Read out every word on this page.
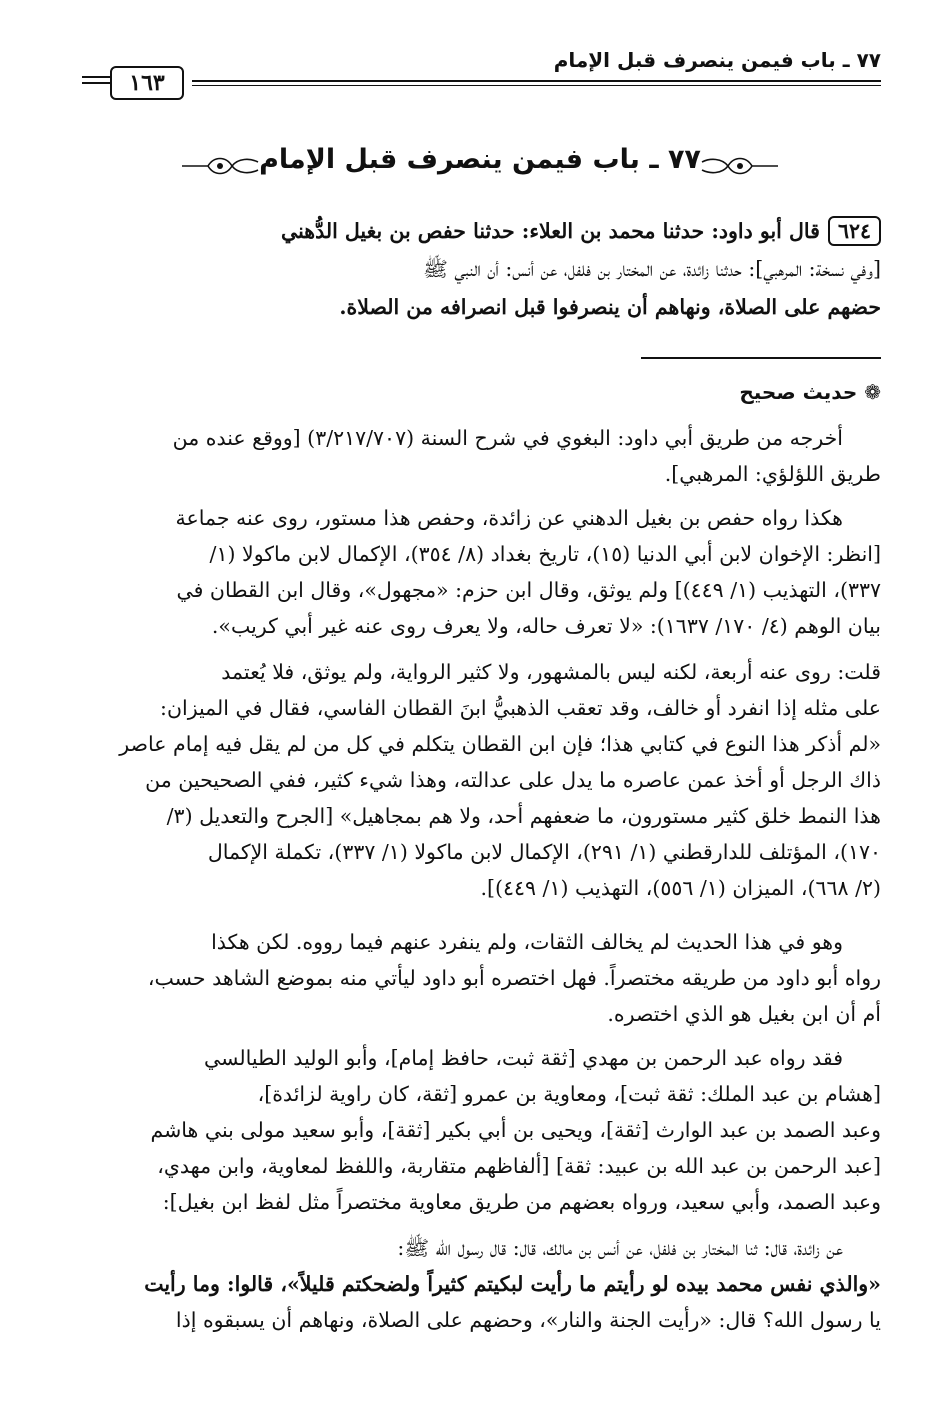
٧٧ ـ باب فيمن ينصرف قبل الإمام
١٦٣
٧٧ ـ باب فيمن ينصرف قبل الإمام
٦٢٤قال أبو داود: حدثنا محمد بن العلاء: حدثنا حفص بن بغيل الدُّهني
[وفي نسخة: المرهبي]: حدثنا زائدة، عن المختار بن فلفل، عن أنس: أن النبي ﷺ
حضهم على الصلاة، ونهاهم أن ينصرفوا قبل انصرافه من الصلاة.
❁ حديث صحيح
أخرجه من طريق أبي داود: البغوي في شرح السنة (٣/٢١٧/٧٠٧) [ووقع عنده من
طريق اللؤلؤي: المرهبي].
هكذا رواه حفص بن بغيل الدهني عن زائدة، وحفص هذا مستور، روى عنه جماعة
[انظر: الإخوان لابن أبي الدنيا (١٥)، تاريخ بغداد (٨/ ٣٥٤)، الإكمال لابن ماكولا (١/
٣٣٧)، التهذيب (١/ ٤٤٩)] ولم يوثق، وقال ابن حزم: «مجهول»، وقال ابن القطان في
بيان الوهم (٤/ ١٧٠/ ١٦٣٧): «لا تعرف حاله، ولا يعرف روى عنه غير أبي كريب».
قلت: روى عنه أربعة، لكنه ليس بالمشهور، ولا كثير الرواية، ولم يوثق، فلا يُعتمد
على مثله إذا انفرد أو خالف، وقد تعقب الذهبيُّ ابنَ القطان الفاسي، فقال في الميزان:
«لم أذكر هذا النوع في كتابي هذا؛ فإن ابن القطان يتكلم في كل من لم يقل فيه إمام عاصر
ذاك الرجل أو أخذ عمن عاصره ما يدل على عدالته، وهذا شيء كثير، ففي الصحيحين من
هذا النمط خلق كثير مستورون، ما ضعفهم أحد، ولا هم بمجاهيل» [الجرح والتعديل (٣/
١٧٠)، المؤتلف للدارقطني (١/ ٢٩١)، الإكمال لابن ماكولا (١/ ٣٣٧)، تكملة الإكمال
(٢/ ٦٦٨)، الميزان (١/ ٥٥٦)، التهذيب (١/ ٤٤٩)].
وهو في هذا الحديث لم يخالف الثقات، ولم ينفرد عنهم فيما رووه. لكن هكذا
رواه أبو داود من طريقه مختصراً. فهل اختصره أبو داود ليأتي منه بموضع الشاهد حسب،
أم أن ابن بغيل هو الذي اختصره.
فقد رواه عبد الرحمن بن مهدي [ثقة ثبت، حافظ إمام]، وأبو الوليد الطيالسي
[هشام بن عبد الملك: ثقة ثبت]، ومعاوية بن عمرو [ثقة، كان راوية لزائدة]،
وعبد الصمد بن عبد الوارث [ثقة]، ويحيى بن أبي بكير [ثقة]، وأبو سعيد مولى بني هاشم
[عبد الرحمن بن عبد الله بن عبيد: ثقة] [ألفاظهم متقاربة، واللفظ لمعاوية، وابن مهدي،
وعبد الصمد، وأبي سعيد، ورواه بعضهم من طريق معاوية مختصراً مثل لفظ ابن بغيل]:
عن زائدة، قال: ثنا المختار بن فلفل، عن أنس بن مالك، قال: قال رسول الله ﷺ:
«والذي نفس محمد بيده لو رأيتم ما رأيت لبكيتم كثيراً ولضحكتم قليلاً»، قالوا: وما رأيت
يا رسول الله؟ قال: «رأيت الجنة والنار»، وحضهم على الصلاة، ونهاهم أن يسبقوه إذا
